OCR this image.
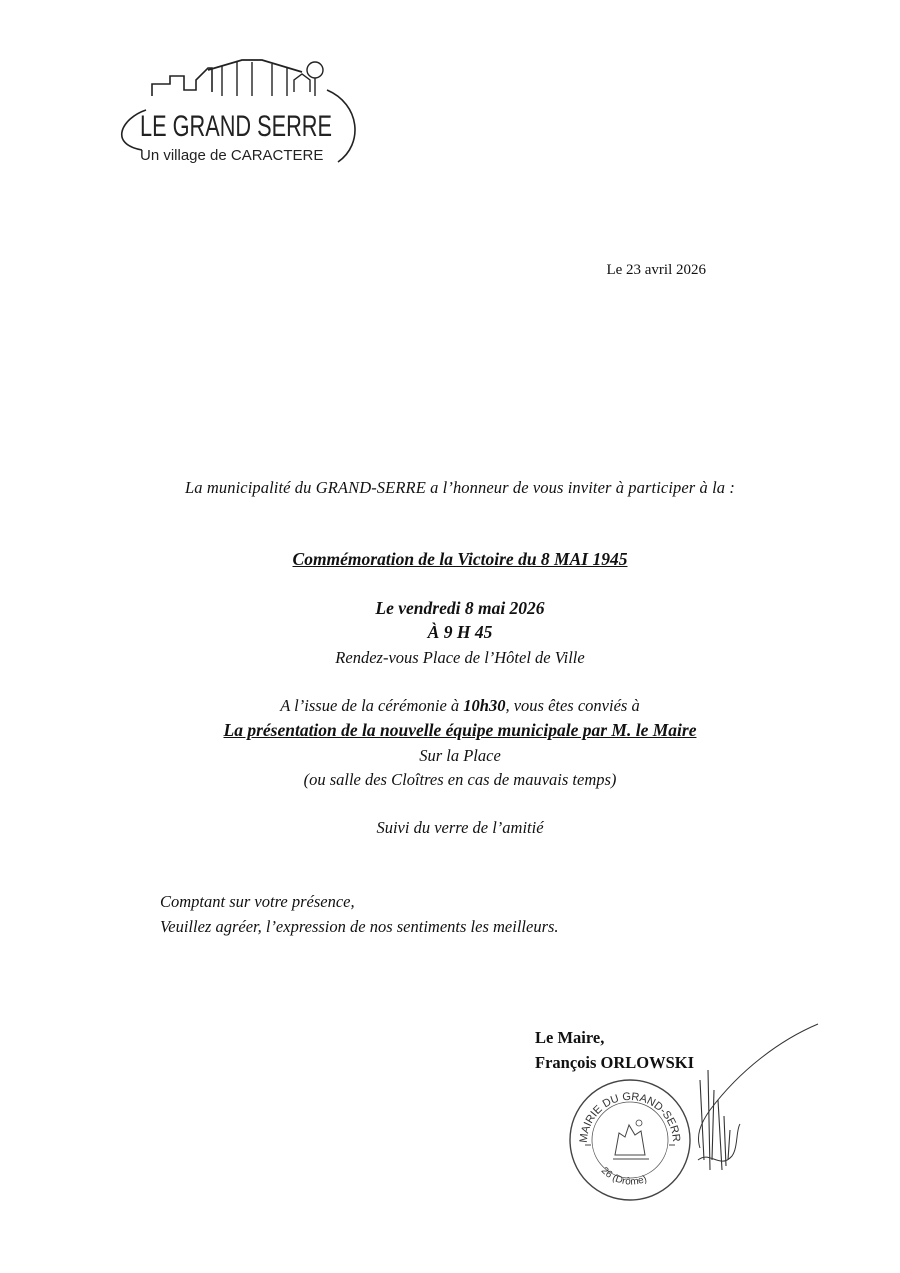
LE GRAND SERRE
Un village de CARACTERE
Le 23 avril 2026
La municipalité du GRAND-SERRE a l’honneur de vous inviter à participer à la :
Commémoration de la Victoire du 8 MAI 1945
Le vendredi 8 mai 2026
À 9 H 45
Rendez-vous Place de l’Hôtel de Ville
A l’issue de la cérémonie à 10h30, vous êtes conviés à
La présentation de la nouvelle équipe municipale par M. le Maire
Sur la Place
(ou salle des Cloîtres en cas de mauvais temps)
Suivi du verre de l’amitié
Comptant sur votre présence,
Veuillez agréer, l’expression de nos sentiments les meilleurs.
Le Maire,
François ORLOWSKI
MAIRIE DU GRAND-SERR
26 (Drôme)
